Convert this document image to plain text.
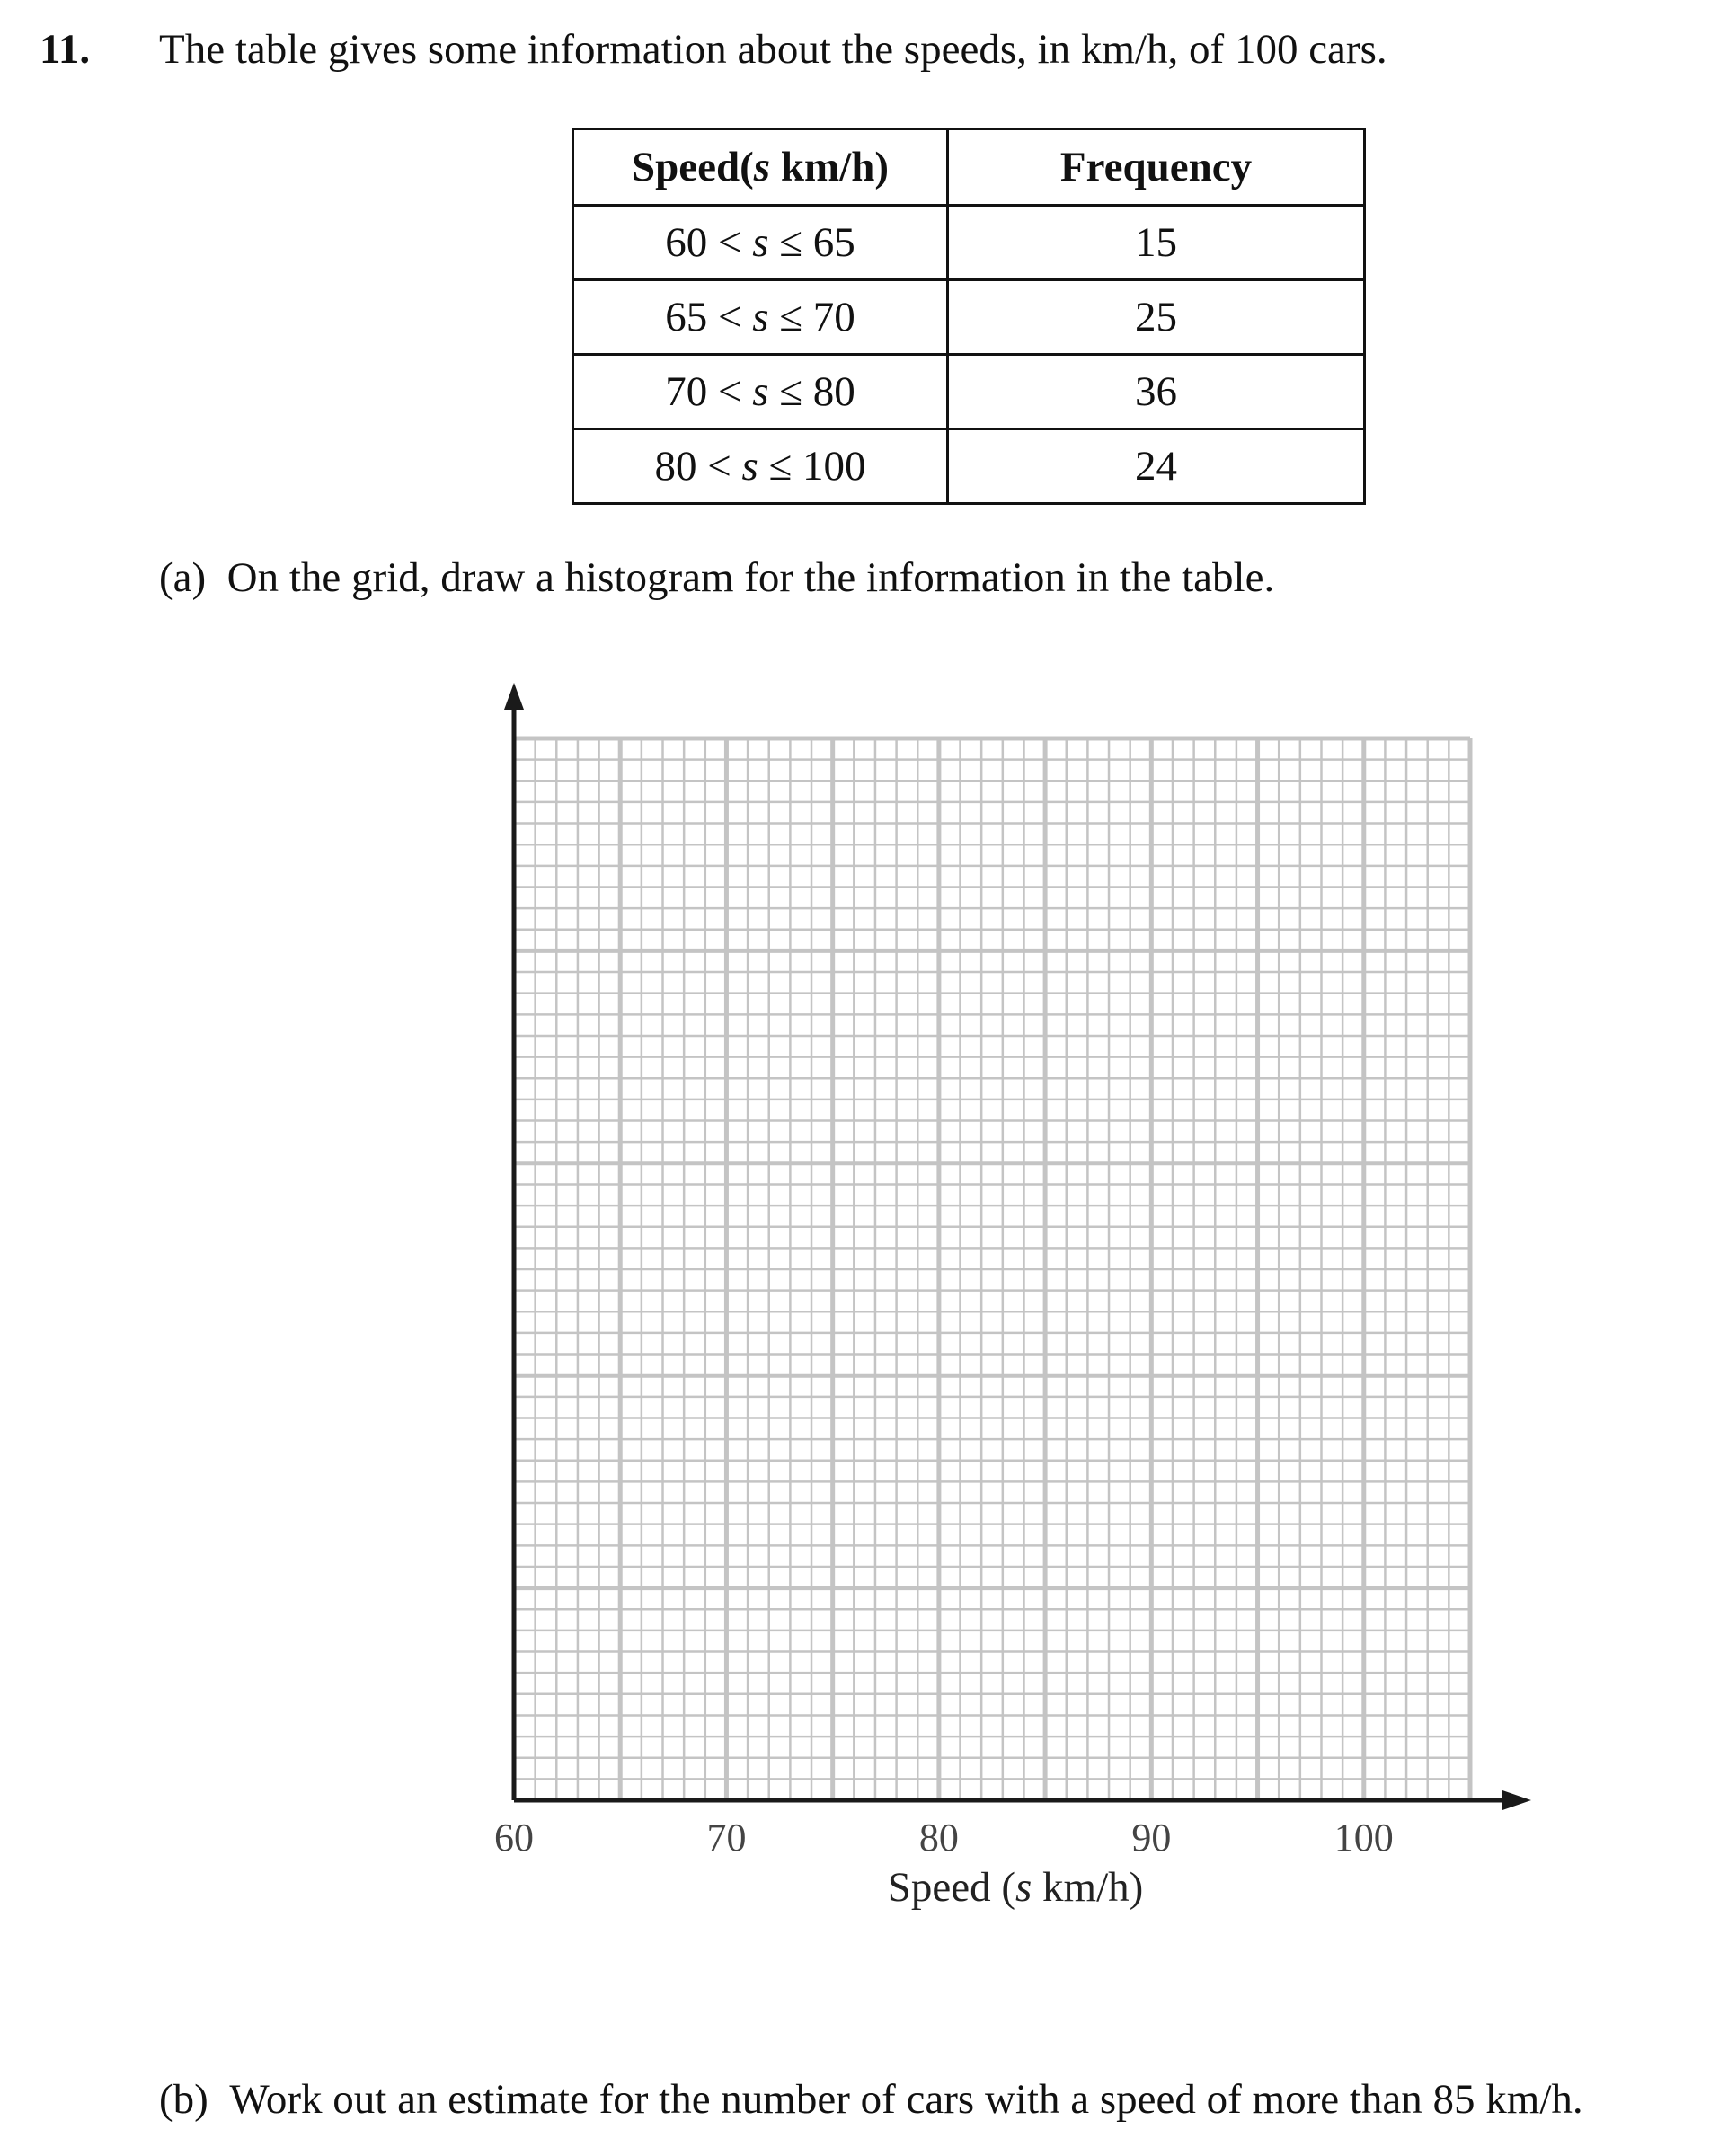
11. The table gives some information about the speeds, in km/h, of 100 cars.
Speed(s km/h)	Frequency
60 < s ≤ 65	15
65 < s ≤ 70	25
70 < s ≤ 80	36
80 < s ≤ 100	24
(a) On the grid, draw a histogram for the information in the table.
60	70	80	90	100
Speed (s km/h)
(b) Work out an estimate for the number of cars with a speed of more than 85 km/h.
